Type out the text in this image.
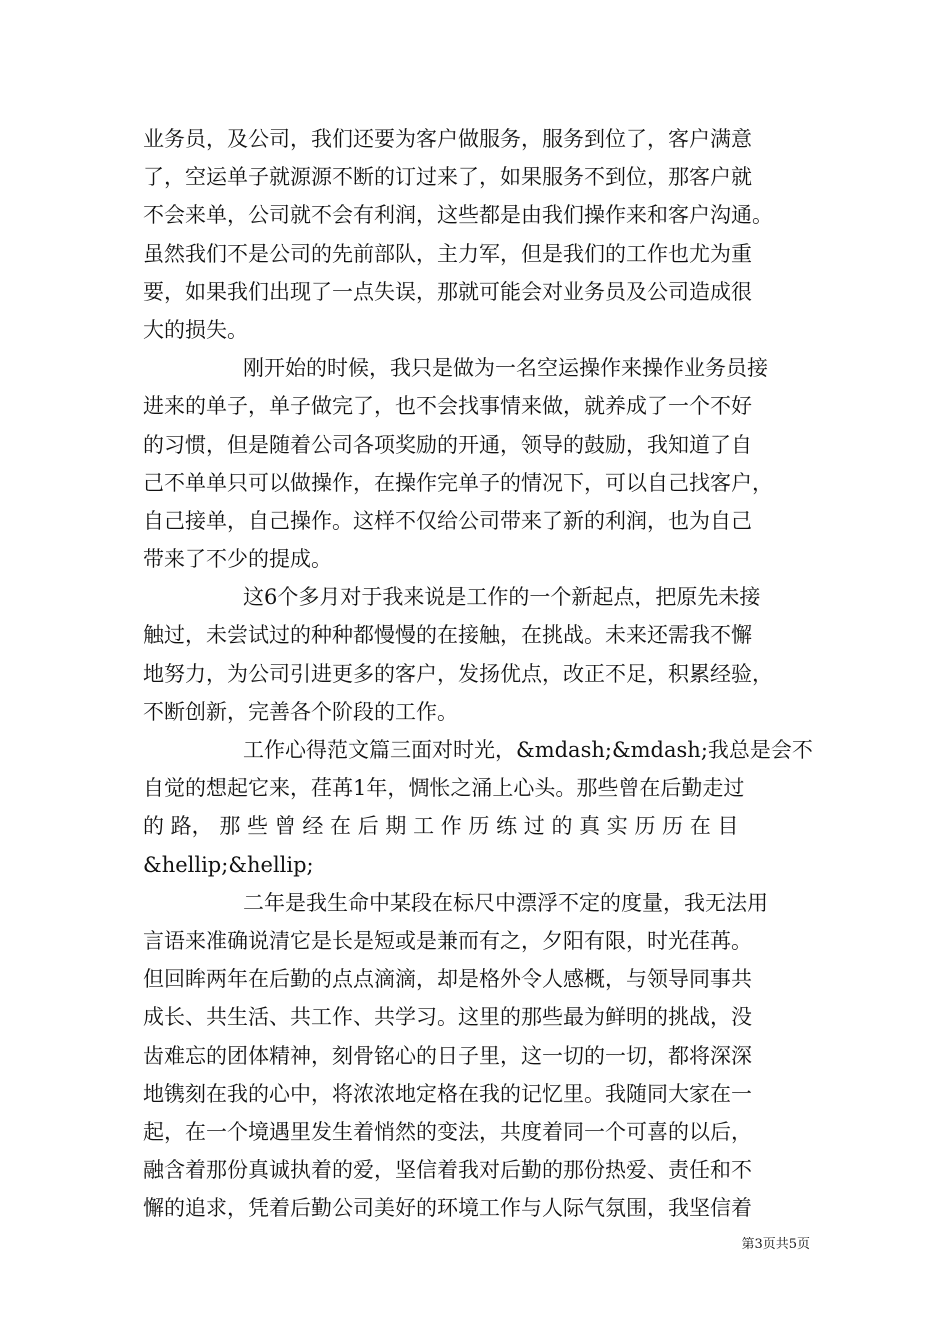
业务员，及公司，我们还要为客户做服务，服务到位了，客户满意
了，空运单子就源源不断的订过来了，如果服务不到位，那客户就
不会来单，公司就不会有利润，这些都是由我们操作来和客户沟通。
虽然我们不是公司的先前部队，主力军，但是我们的工作也尤为重
要，如果我们出现了一点失误，那就可能会对业务员及公司造成很
大的损失。
刚开始的时候，我只是做为一名空运操作来操作业务员接
进来的单子，单子做完了，也不会找事情来做，就养成了一个不好
的习惯，但是随着公司各项奖励的开通，领导的鼓励，我知道了自
己不单单只可以做操作，在操作完单子的情况下，可以自己找客户，
自己接单，自己操作。这样不仅给公司带来了新的利润，也为自己
带来了不少的提成。
这6个多月对于我来说是工作的一个新起点，把原先未接
触过，未尝试过的种种都慢慢的在接触，在挑战。未来还需我不懈
地努力，为公司引进更多的客户，发扬优点，改正不足，积累经验，
不断创新，完善各个阶段的工作。
工作心得范文篇三面对时光，&mdash;&mdash;我总是会不
自觉的想起它来，荏苒1年，惆怅之涌上心头。那些曾在后勤走过
的 路， 那 些 曾 经 在 后 期 工 作 历 练 过 的 真 实 历 历 在 目
&hellip;&hellip;
二年是我生命中某段在标尺中漂浮不定的度量，我无法用
言语来准确说清它是长是短或是兼而有之，夕阳有限，时光荏苒。
但回眸两年在后勤的点点滴滴，却是格外令人感概，与领导同事共
成长、共生活、共工作、共学习。这里的那些最为鲜明的挑战，没
齿难忘的团体精神，刻骨铭心的日子里，这一切的一切，都将深深
地镌刻在我的心中，将浓浓地定格在我的记忆里。我随同大家在一
起，在一个境遇里发生着悄然的变法，共度着同一个可喜的以后，
融含着那份真诚执着的爱，坚信着我对后勤的那份热爱、责任和不
懈的追求，凭着后勤公司美好的环境工作与人际气氛围，我坚信着
第3页共5页
